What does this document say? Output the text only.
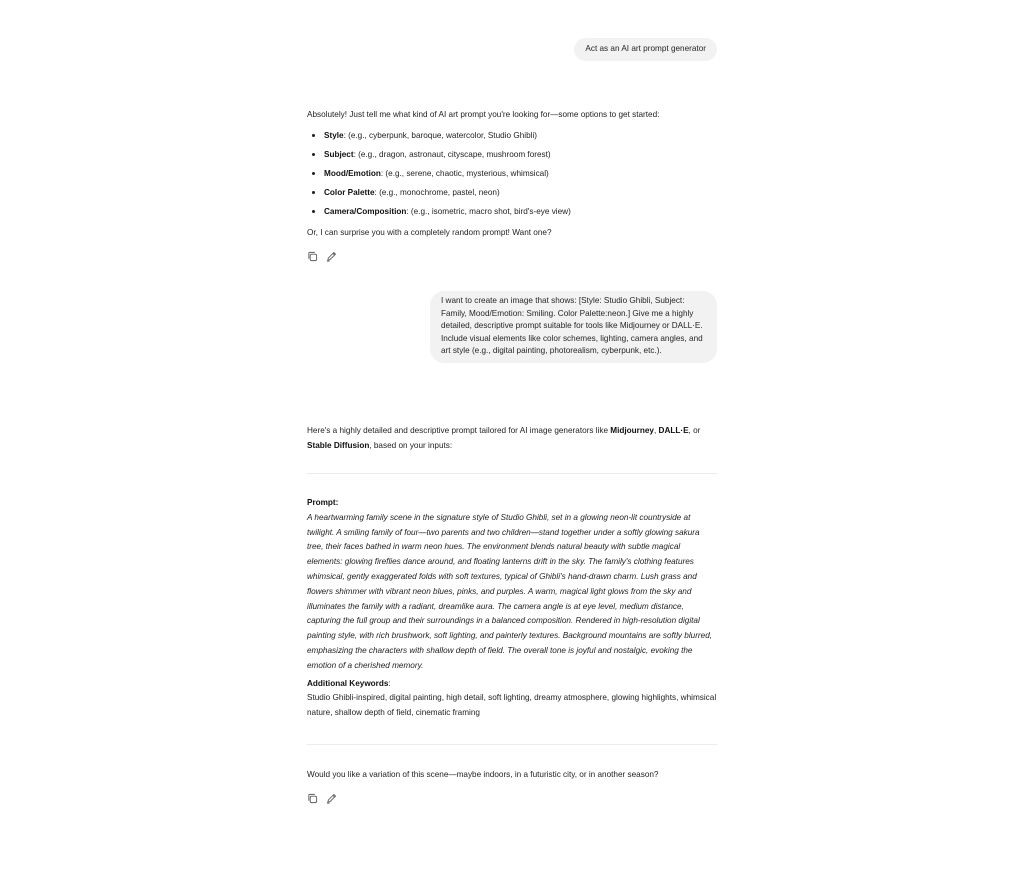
Act as an AI art prompt generator

Absolutely! Just tell me what kind of AI art prompt you're looking for—some options to get started:

Style: (e.g., cyberpunk, baroque, watercolor, Studio Ghibli)
Subject: (e.g., dragon, astronaut, cityscape, mushroom forest)
Mood/Emotion: (e.g., serene, chaotic, mysterious, whimsical)
Color Palette: (e.g., monochrome, pastel, neon)
Camera/Composition: (e.g., isometric, macro shot, bird's-eye view)

Or, I can surprise you with a completely random prompt! Want one?

I want to create an image that shows: [Style: Studio Ghibli, Subject: Family, Mood/Emotion: Smiling. Color Palette:neon.] Give me a highly detailed, descriptive prompt suitable for tools like Midjourney or DALL·E.

Include visual elements like color schemes, lighting, camera angles, and art style (e.g., digital painting, photorealism, cyberpunk, etc.).

Here's a highly detailed and descriptive prompt tailored for AI image generators like Midjourney, DALL·E, or Stable Diffusion, based on your inputs:

Prompt:
A heartwarming family scene in the signature style of Studio Ghibli, set in a glowing neon-lit countryside at twilight. A smiling family of four—two parents and two children—stand together under a softly glowing sakura tree, their faces bathed in warm neon hues. The environment blends natural beauty with subtle magical elements: glowing fireflies dance around, and floating lanterns drift in the sky. The family's clothing features whimsical, gently exaggerated folds with soft textures, typical of Ghibli's hand-drawn charm. Lush grass and flowers shimmer with vibrant neon blues, pinks, and purples. A warm, magical light glows from the sky and illuminates the family with a radiant, dreamlike aura. The camera angle is at eye level, medium distance, capturing the full group and their surroundings in a balanced composition. Rendered in high-resolution digital painting style, with rich brushwork, soft lighting, and painterly textures. Background mountains are softly blurred, emphasizing the characters with shallow depth of field. The overall tone is joyful and nostalgic, evoking the emotion of a cherished memory.
Additional Keywords:
Studio Ghibli-inspired, digital painting, high detail, soft lighting, dreamy atmosphere, glowing highlights, whimsical nature, shallow depth of field, cinematic framing
Would you like a variation of this scene—maybe indoors, in a futuristic city, or in another season?
